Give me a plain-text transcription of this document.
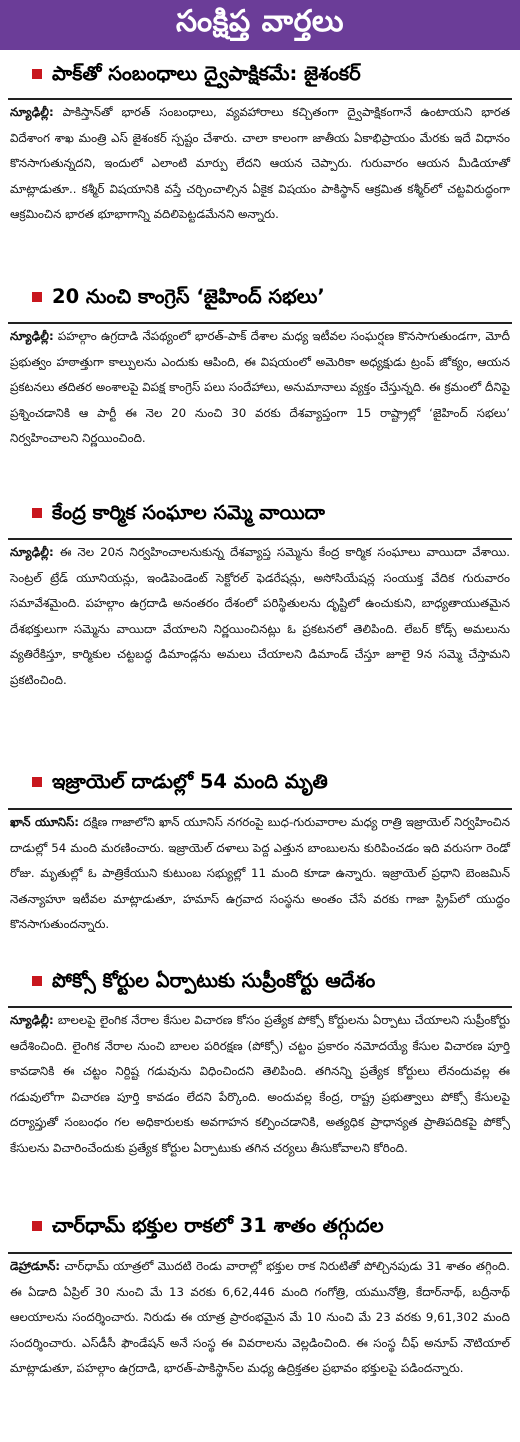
సంక్షిప్త వార్తలు
పాక్‌తో సంబంధాలు ద్వైపాక్షికమే: జైశంకర్

న్యూఢిల్లీ: పాకిస్తాన్‌తో భారత్ సంబంధాలు, వ్యవహారాలు కచ్చితంగా ద్వైపాక్షికంగానే ఉంటాయని భారత విదేశాంగ శాఖ మంత్రి ఎస్ జైశంకర్ స్పష్టం చేశారు. చాలా కాలంగా జాతీయ ఏకాభిప్రాయం మేరకు ఇదే విధానం కొనసాగుతున్నదని, ఇందులో ఎలాంటి మార్పు లేదని ఆయన చెప్పారు. గురువారం ఆయన మీడియాతో మాట్లాడుతూ.. కశ్మీర్ విషయానికి వస్తే చర్చించాల్సిన ఏకైక విషయం పాకిస్థాన్ ఆక్రమిత కశ్మీర్‌లో చట్టవిరుద్ధంగా ఆక్రమించిన భారత భూభాగాన్ని వదిలిపెట్టడమేనని అన్నారు.

20 నుంచి కాంగ్రెస్ ‘జైహింద్ సభలు’

న్యూఢిల్లీ: పహల్గాం ఉగ్రదాడి నేపథ్యంలో భారత్-పాక్ దేశాల మధ్య ఇటీవల సంఘర్షణ కొనసాగుతుండగా, మోదీ ప్రభుత్వం హఠాత్తుగా కాల్పులను ఎందుకు ఆపింది, ఈ విషయంలో అమెరికా అధ్యక్షుడు ట్రంప్ జోక్యం, ఆయన ప్రకటనలు తదితర అంశాలపై విపక్ష కాంగ్రెస్ పలు సందేహాలు, అనుమానాలు వ్యక్తం చేస్తున్నది. ఈ క్రమంలో దీనిపై ప్రశ్నించడానికి ఆ పార్టీ ఈ నెల 20 నుంచి 30 వరకు దేశవ్యాప్తంగా 15 రాష్ట్రాల్లో ‘జైహింద్ సభలు’ నిర్వహించాలని నిర్ణయించింది.

కేంద్ర కార్మిక సంఘాల సమ్మె వాయిదా

న్యూఢిల్లీ: ఈ నెల 20న నిర్వహించాలనుకున్న దేశవ్యాప్త సమ్మెను కేంద్ర కార్మిక సంఘాలు వాయిదా వేశాయి. సెంట్రల్ ట్రేడ్ యూనియన్లు, ఇండిపెండెంట్ సెక్టోరల్ ఫెడరేషన్లు, అసోసియేషన్ల సంయుక్త వేదిక గురువారం సమావేశమైంది. పహల్గాం ఉగ్రదాడి అనంతరం దేశంలో పరిస్థితులను దృష్టిలో ఉంచుకుని, బాధ్యతాయుతమైన దేశభక్తులుగా సమ్మెను వాయిదా వేయాలని నిర్ణయించినట్లు ఓ ప్రకటనలో తెలిపింది. లేబర్ కోడ్స్ అమలును వ్యతిరేకిస్తూ, కార్మికుల చట్టబద్ధ డిమాండ్లను అమలు చేయాలని డిమాండ్ చేస్తూ జూలై 9న సమ్మె చేస్తామని ప్రకటించింది.

ఇజ్రాయెల్ దాడుల్లో 54 మంది మృతి

ఖాన్ యూనిస్: దక్షిణ గాజాలోని ఖాన్ యూనిస్ నగరంపై బుధ-గురువారాల మధ్య రాత్రి ఇజ్రాయెల్ నిర్వహించిన దాడుల్లో 54 మంది మరణించారు. ఇజ్రాయెల్ దళాలు పెద్ద ఎత్తున బాంబులను కురిపించడం ఇది వరుసగా రెండో రోజు. మృతుల్లో ఓ పాత్రికేయుని కుటుంబ సభ్యుల్లో 11 మంది కూడా ఉన్నారు. ఇజ్రాయెల్ ప్రధాని బెంజమిన్ నెతన్యాహూ ఇటీవల మాట్లాడుతూ, హమాస్ ఉగ్రవాద సంస్థను అంతం చేసే వరకు గాజా స్ట్రిప్‌లో యుద్ధం కొనసాగుతుందన్నారు.

పోక్సో కోర్టుల ఏర్పాటుకు సుప్రీంకోర్టు ఆదేశం

న్యూఢిల్లీ: బాలలపై లైంగిక నేరాల కేసుల విచారణ కోసం ప్రత్యేక పోక్సో కోర్టులను ఏర్పాటు చేయాలని సుప్రీంకోర్టు ఆదేశించింది. లైంగిక నేరాల నుంచి బాలల పరిరక్షణ (పోక్సో) చట్టం ప్రకారం నమోదయ్యే కేసుల విచారణ పూర్తి కావడానికి ఈ చట్టం నిర్దిష్ట గడువును విధించిందని తెలిపింది. తగినన్ని ప్రత్యేక కోర్టులు లేనందువల్ల ఈ గడువులోగా విచారణ పూర్తి కావడం లేదని పేర్కొంది. అందువల్ల కేంద్ర, రాష్ట్ర ప్రభుత్వాలు పోక్సో కేసులపై దర్యాప్తుతో సంబంధం గల అధికారులకు అవగాహన కల్పించడానికి, అత్యధిక ప్రాధాన్యత ప్రాతిపదికపై పోక్సో కేసులను విచారించేందుకు ప్రత్యేక కోర్టుల ఏర్పాటుకు తగిన చర్యలు తీసుకోవాలని కోరింది.

చార్‌ధామ్ భక్తుల రాకలో 31 శాతం తగ్గుదల

డెహ్రాడూన్: చార్‌ధామ్ యాత్రలో మొదటి రెండు వారాల్లో భక్తుల రాక నిరుటితో పోల్చినపుడు 31 శాతం తగ్గింది. ఈ ఏడాది ఏప్రిల్ 30 నుంచి మే 13 వరకు 6,62,446 మంది గంగోత్రి, యమునోత్రి, కేదార్‌నాథ్, బద్రీనాథ్ ఆలయాలను సందర్శించారు. నిరుడు ఈ యాత్ర ప్రారంభమైన మే 10 నుంచి మే 23 వరకు 9,61,302 మంది సందర్శించారు. ఎస్‌డీసీ ఫౌండేషన్ అనే సంస్థ ఈ వివరాలను వెల్లడించింది. ఈ సంస్థ చీఫ్ అనూప్ నౌటియాల్ మాట్లాడుతూ, పహల్గాం ఉగ్రదాడి, భారత్-పాకిస్థాన్‌ల మధ్య ఉద్రిక్తతల ప్రభావం భక్తులపై పడిందన్నారు.
